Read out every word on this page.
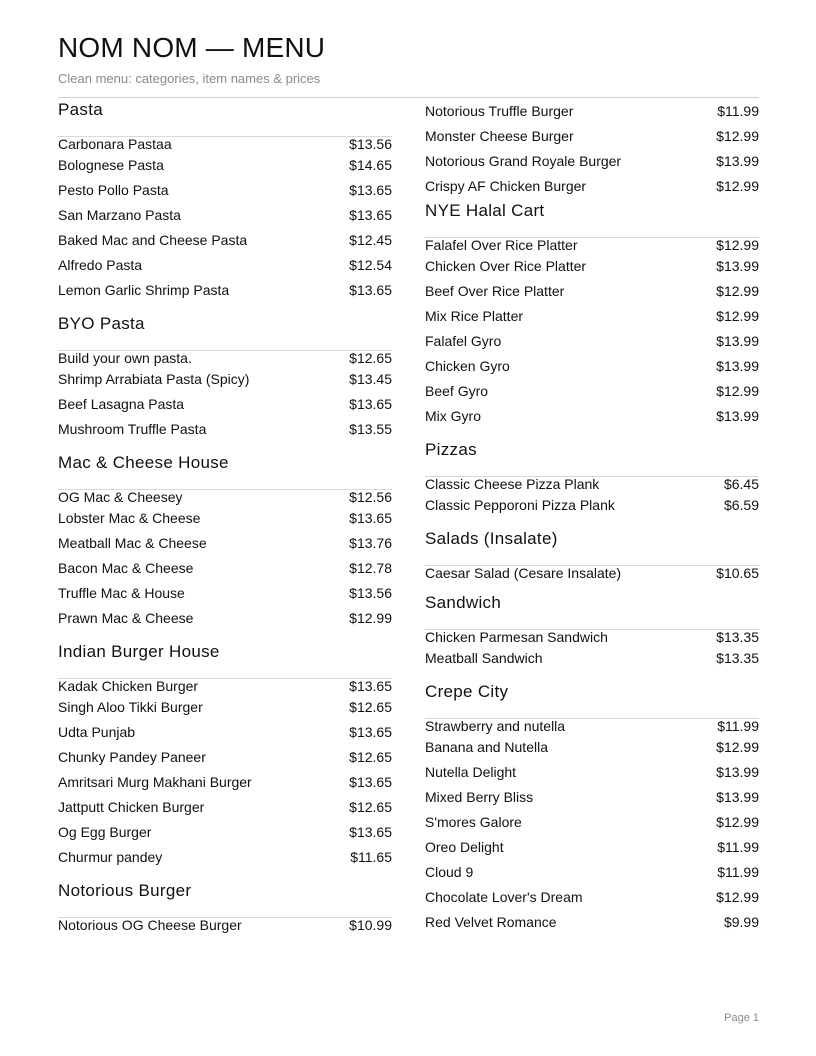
NOM NOM — MENU
Clean menu: categories, item names & prices
Pasta
Carbonara Pastaa	$13.56
Bolognese Pasta	$14.65
Pesto Pollo Pasta	$13.65
San Marzano Pasta	$13.65
Baked Mac and Cheese Pasta	$12.45
Alfredo Pasta	$12.54
Lemon Garlic Shrimp Pasta	$13.65
BYO Pasta
Build your own pasta.	$12.65
Shrimp Arrabiata Pasta (Spicy)	$13.45
Beef Lasagna Pasta	$13.65
Mushroom Truffle Pasta	$13.55
Mac & Cheese House
OG Mac & Cheesey	$12.56
Lobster Mac & Cheese	$13.65
Meatball Mac & Cheese	$13.76
Bacon Mac & Cheese	$12.78
Truffle Mac & House	$13.56
Prawn Mac & Cheese	$12.99
Indian Burger House
Kadak Chicken Burger	$13.65
Singh Aloo Tikki Burger	$12.65
Udta Punjab	$13.65
Chunky Pandey Paneer	$12.65
Amritsari Murg Makhani Burger	$13.65
Jattputt Chicken Burger	$12.65
Og Egg Burger	$13.65
Churmur pandey	$11.65
Notorious Burger
Notorious OG Cheese Burger	$10.99
Notorious Truffle Burger	$11.99
Monster Cheese Burger	$12.99
Notorious Grand Royale Burger	$13.99
Crispy AF Chicken Burger	$12.99
NYE Halal Cart
Falafel Over Rice Platter	$12.99
Chicken Over Rice Platter	$13.99
Beef Over Rice Platter	$12.99
Mix Rice Platter	$12.99
Falafel Gyro	$13.99
Chicken Gyro	$13.99
Beef Gyro	$12.99
Mix Gyro	$13.99
Pizzas
Classic Cheese Pizza Plank	$6.45
Classic Pepporoni Pizza Plank	$6.59
Salads (Insalate)
Caesar Salad (Cesare Insalate)	$10.65
Sandwich
Chicken Parmesan Sandwich	$13.35
Meatball Sandwich	$13.35
Crepe City
Strawberry and nutella	$11.99
Banana and Nutella	$12.99
Nutella Delight	$13.99
Mixed Berry Bliss	$13.99
S'mores Galore	$12.99
Oreo Delight	$11.99
Cloud 9	$11.99
Chocolate Lover's Dream	$12.99
Red Velvet Romance	$9.99
Page 1
